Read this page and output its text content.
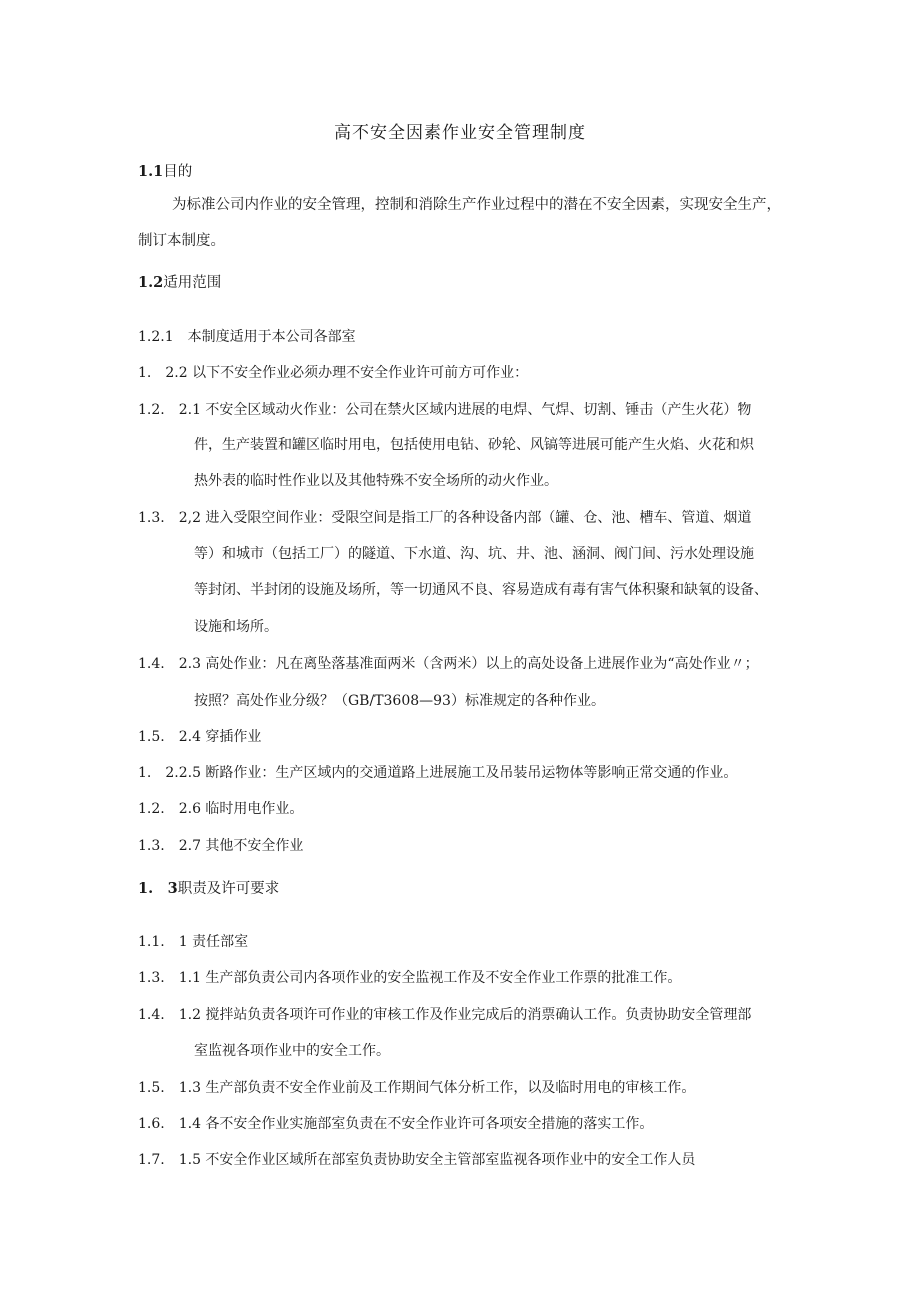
高不安全因素作业安全管理制度
1.1目的
为标准公司内作业的安全管理，控制和消除生产作业过程中的潜在不安全因素，实现安全生产，
制订本制度。
1.2适用范围
1.2.1　本制度适用于本公司各部室
1.　2.2 以下不安全作业必须办理不安全作业许可前方可作业：
1.2.　2.1 不安全区域动火作业：公司在禁火区域内进展的电焊、气焊、切割、锤击（产生火花）物
件，生产装置和罐区临时用电，包括使用电钻、砂轮、风镐等进展可能产生火焰、火花和炽
热外表的临时性作业以及其他特殊不安全场所的动火作业。
1.3.　2,2 进入受限空间作业：受限空间是指工厂的各种设备内部（罐、仓、池、槽车、管道、烟道
等）和城市（包括工厂）的隧道、下水道、沟、坑、井、池、涵洞、阀门间、污水处理设施
等封闭、半封闭的设施及场所，等一切通风不良、容易造成有毒有害气体积聚和缺氧的设备、
设施和场所。
1.4.　2.3 高处作业：凡在离坠落基准面两米（含两米）以上的高处设备上进展作业为“高处作业〃；
按照？高处作业分级？（GB/T3608—93）标准规定的各种作业。
1.5.　2.4 穿插作业
1.　2.2.5 断路作业：生产区域内的交通道路上进展施工及吊装吊运物体等影响正常交通的作业。
1.2.　2.6 临时用电作业。
1.3.　2.7 其他不安全作业
1.　3职责及许可要求
1.1.　1 责任部室
1.3.　1.1 生产部负责公司内各项作业的安全监视工作及不安全作业工作票的批准工作。
1.4.　1.2 搅拌站负责各项许可作业的审核工作及作业完成后的消票确认工作。负责协助安全管理部
室监视各项作业中的安全工作。
1.5.　1.3 生产部负责不安全作业前及工作期间气体分析工作，以及临时用电的审核工作。
1.6.　1.4 各不安全作业实施部室负责在不安全作业许可各项安全措施的落实工作。
1.7.　1.5 不安全作业区域所在部室负责协助安全主管部室监视各项作业中的安全工作人员
